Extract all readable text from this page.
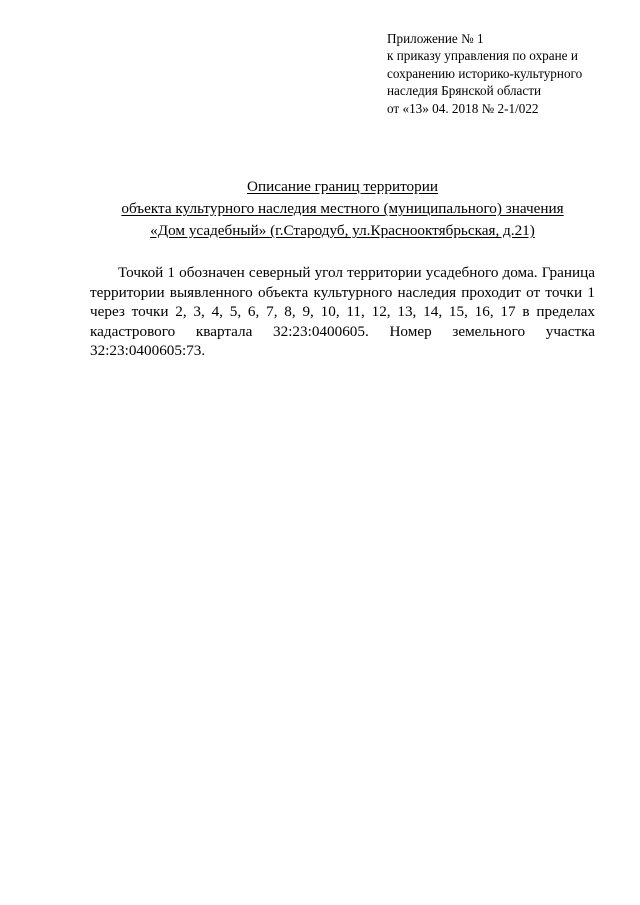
Приложение № 1
к приказу управления по охране и
сохранению историко-культурного
наследия Брянской области
от «13» 04. 2018 № 2-1/022
Описание границ территории
объекта культурного наследия местного (муниципального) значения
«Дом усадебный» (г.Стародуб, ул.Краснооктябрьская, д.21)

Точкой 1 обозначен северный угол территории усадебного дома. Граница территории выявленного объекта культурного наследия проходит от точки 1 через точки 2, 3, 4, 5, 6, 7, 8, 9, 10, 11, 12, 13, 14, 15, 16, 17 в пределах кадастрового квартала 32:23:0400605. Номер земельного участка 32:23:0400605:73.
